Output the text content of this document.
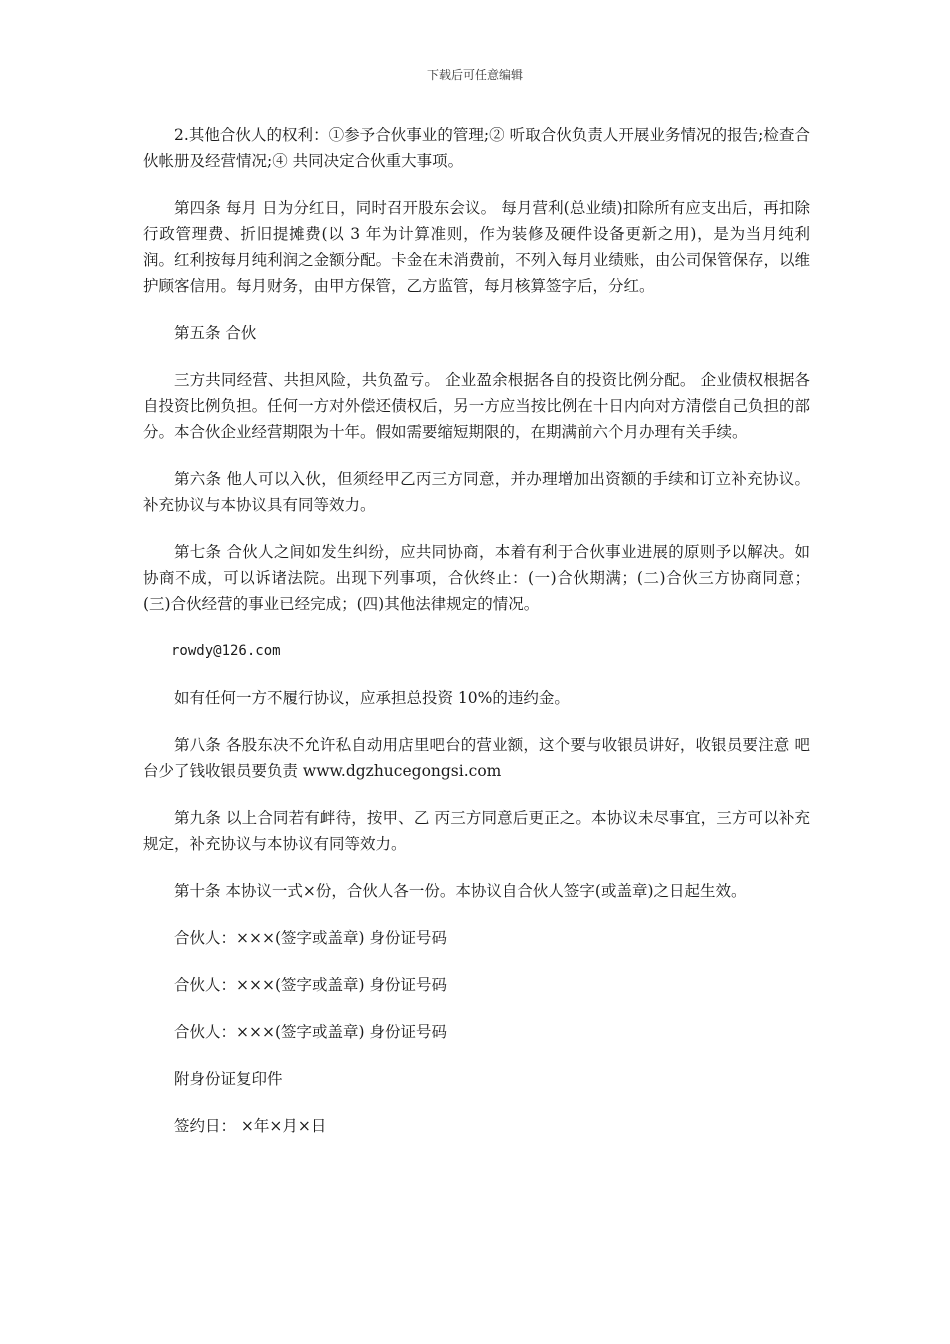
下载后可任意编辑

2.其他合伙人的权利：①参予合伙事业的管理;② 听取合伙负责人开展业务情况的报告;检查合伙帐册及经营情况;④ 共同决定合伙重大事项。

第四条 每月 日为分红日，同时召开股东会议。 每月营利(总业绩)扣除所有应支出后，再扣除行政管理费、折旧提摊费(以 3 年为计算准则，作为装修及硬件设备更新之用)，是为当月纯利润。红利按每月纯利润之金额分配。卡金在未消费前，不列入每月业绩账，由公司保管保存，以维护顾客信用。每月财务，由甲方保管，乙方监管，每月核算签字后，分红。

第五条 合伙

三方共同经营、共担风险，共负盈亏。 企业盈余根据各自的投资比例分配。 企业债权根据各自投资比例负担。任何一方对外偿还债权后，另一方应当按比例在十日内向对方清偿自己负担的部分。本合伙企业经营期限为十年。假如需要缩短期限的，在期满前六个月办理有关手续。

第六条 他人可以入伙，但须经甲乙丙三方同意，并办理增加出资额的手续和订立补充协议。补充协议与本协议具有同等效力。

第七条 合伙人之间如发生纠纷，应共同协商，本着有利于合伙事业进展的原则予以解决。如协商不成，可以诉诸法院。出现下列事项，合伙终止：(一)合伙期满；(二)合伙三方协商同意；(三)合伙经营的事业已经完成；(四)其他法律规定的情况。

rowdy@126.com

如有任何一方不履行协议，应承担总投资 10%的违约金。

第八条 各股东决不允许私自动用店里吧台的营业额，这个要与收银员讲好，收银员要注意 吧台少了钱收银员要负责 www.dgzhucegongsi.com

第九条 以上合同若有衅待，按甲、乙 丙三方同意后更正之。本协议未尽事宜，三方可以补充规定，补充协议与本协议有同等效力。

第十条 本协议一式×份，合伙人各一份。本协议自合伙人签字(或盖章)之日起生效。

合伙人：×××(签字或盖章) 身份证号码

合伙人：×××(签字或盖章) 身份证号码

合伙人：×××(签字或盖章) 身份证号码

附身份证复印件

签约日： ×年×月×日
